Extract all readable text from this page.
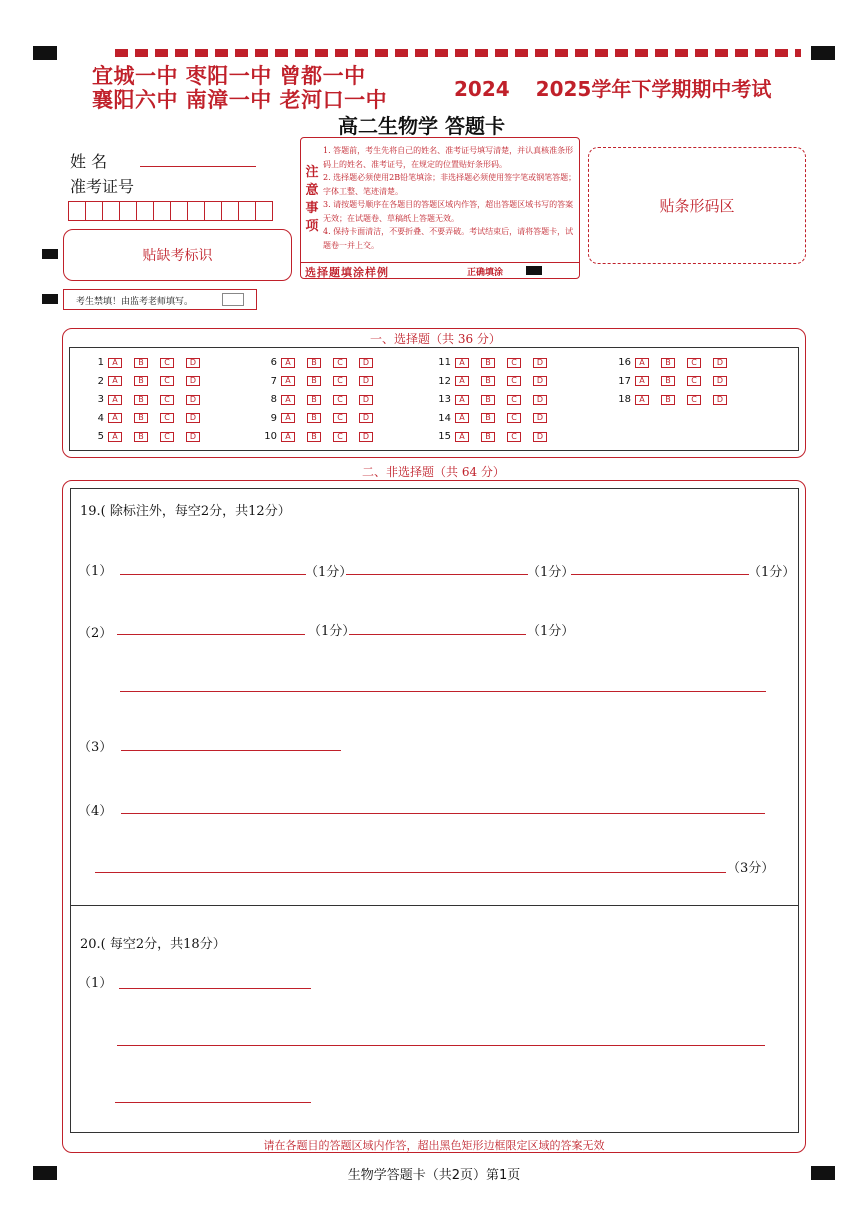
宜城一中 枣阳一中 曾都一中
襄阳六中 南漳一中 老河口一中	2024 2025学年下学期期中考试
高二生物学 答题卡
姓 名
准考证号
贴缺考标识
考生禁填！由监考老师填写。
注
意
事
项
1. 答题前，考生先将自己的姓名、准考证号填写清楚，并认真核准条形码上的姓名、准考证号，在规定的位置贴好条形码。
2. 选择题必须使用2B铅笔填涂；非选择题必须使用签字笔或钢笔答题；字体工整、笔迹清楚。
3. 请按题号顺序在各题目的答题区域内作答，超出答题区域书写的答案无效；在试题卷、草稿纸上答题无效。
4. 保持卡面清洁，不要折叠、不要弄破。考试结束后，请将答题卡，试题卷一并上交。
选择题填涂样例	正确填涂
贴条形码区
一、选择题（共 36 分）
1	A	B	C	D
2	A	B	C	D
3	A	B	C	D
4	A	B	C	D
5	A	B	C	D
6	A	B	C	D
7	A	B	C	D
8	A	B	C	D
9	A	B	C	D
10	A	B	C	D
11	A	B	C	D
12	A	B	C	D
13	A	B	C	D
14	A	B	C	D
15	A	B	C	D
16	A	B	C	D
17	A	B	C	D
18	A	B	C	D
二、非选择题（共 64 分）
19.( 除标注外，每空2分，共12分）
（1）	（1分）	（1分）	（1分）
（2）	（1分）	（1分）
（3）
（4）
（3分）
20.( 每空2分，共18分）
（1）
请在各题目的答题区域内作答，超出黑色矩形边框限定区域的答案无效
生物学答题卡（共2页）第1页
